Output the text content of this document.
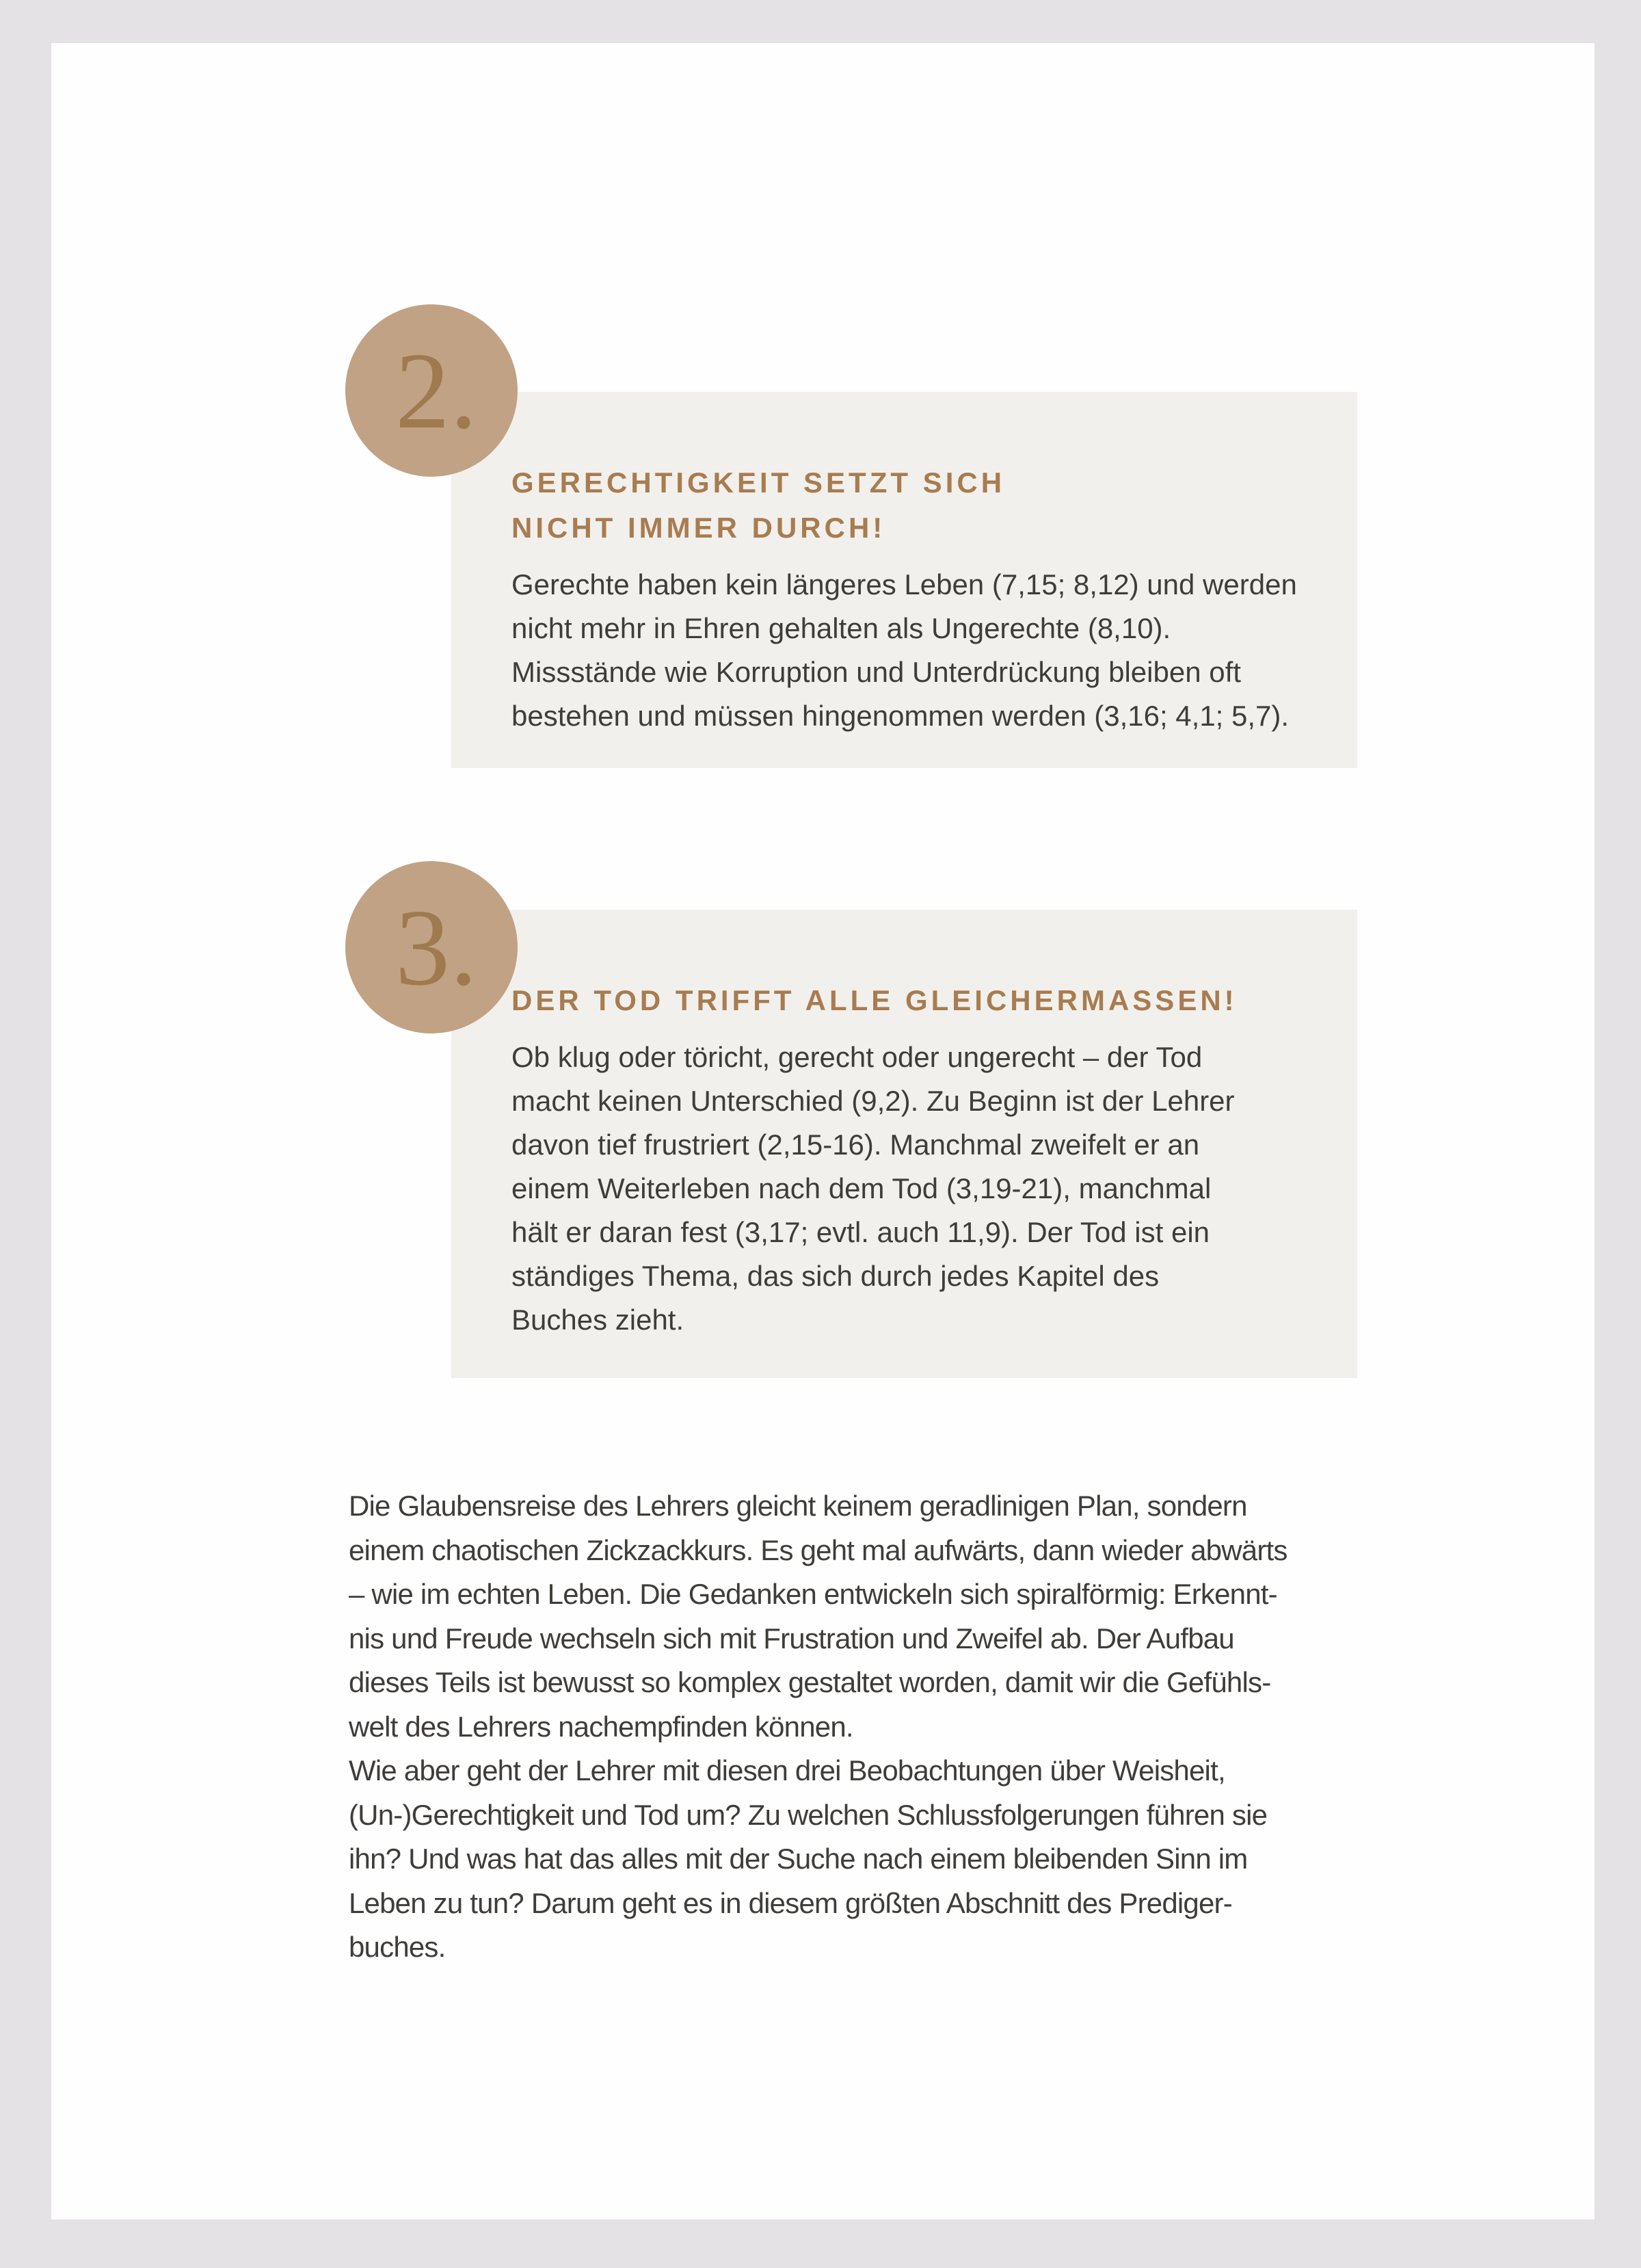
2.
GERECHTIGKEIT SETZT SICH
NICHT IMMER DURCH!
Gerechte haben kein längeres Leben (7,15; 8,12) und werden
nicht mehr in Ehren gehalten als Ungerechte (8,10).
Missstände wie Korruption und Unterdrückung bleiben oft
bestehen und müssen hingenommen werden (3,16; 4,1; 5,7).
3. DER TOD TRIFFT ALLE GLEICHERMASSEN!
Ob klug oder töricht, gerecht oder ungerecht – der Tod
macht keinen Unterschied (9,2). Zu Beginn ist der Lehrer
davon tief frustriert (2,15-16). Manchmal zweifelt er an
einem Weiterleben nach dem Tod (3,19-21), manchmal
hält er daran fest (3,17; evtl. auch 11,9). Der Tod ist ein
ständiges Thema, das sich durch jedes Kapitel des
Buches zieht.

Die Glaubensreise des Lehrers gleicht keinem geradlinigen Plan, sondern
einem chaotischen Zickzackkurs. Es geht mal aufwärts, dann wieder abwärts
– wie im echten Leben. Die Gedanken entwickeln sich spiralförmig: Erkennt-
nis und Freude wechseln sich mit Frustration und Zweifel ab. Der Aufbau
dieses Teils ist bewusst so komplex gestaltet worden, damit wir die Gefühls-
welt des Lehrers nachempfinden können.

Wie aber geht der Lehrer mit diesen drei Beobachtungen über Weisheit,
(Un-)Gerechtigkeit und Tod um? Zu welchen Schlussfolgerungen führen sie
ihn? Und was hat das alles mit der Suche nach einem bleibenden Sinn im
Leben zu tun? Darum geht es in diesem größten Abschnitt des Prediger-
buches.
